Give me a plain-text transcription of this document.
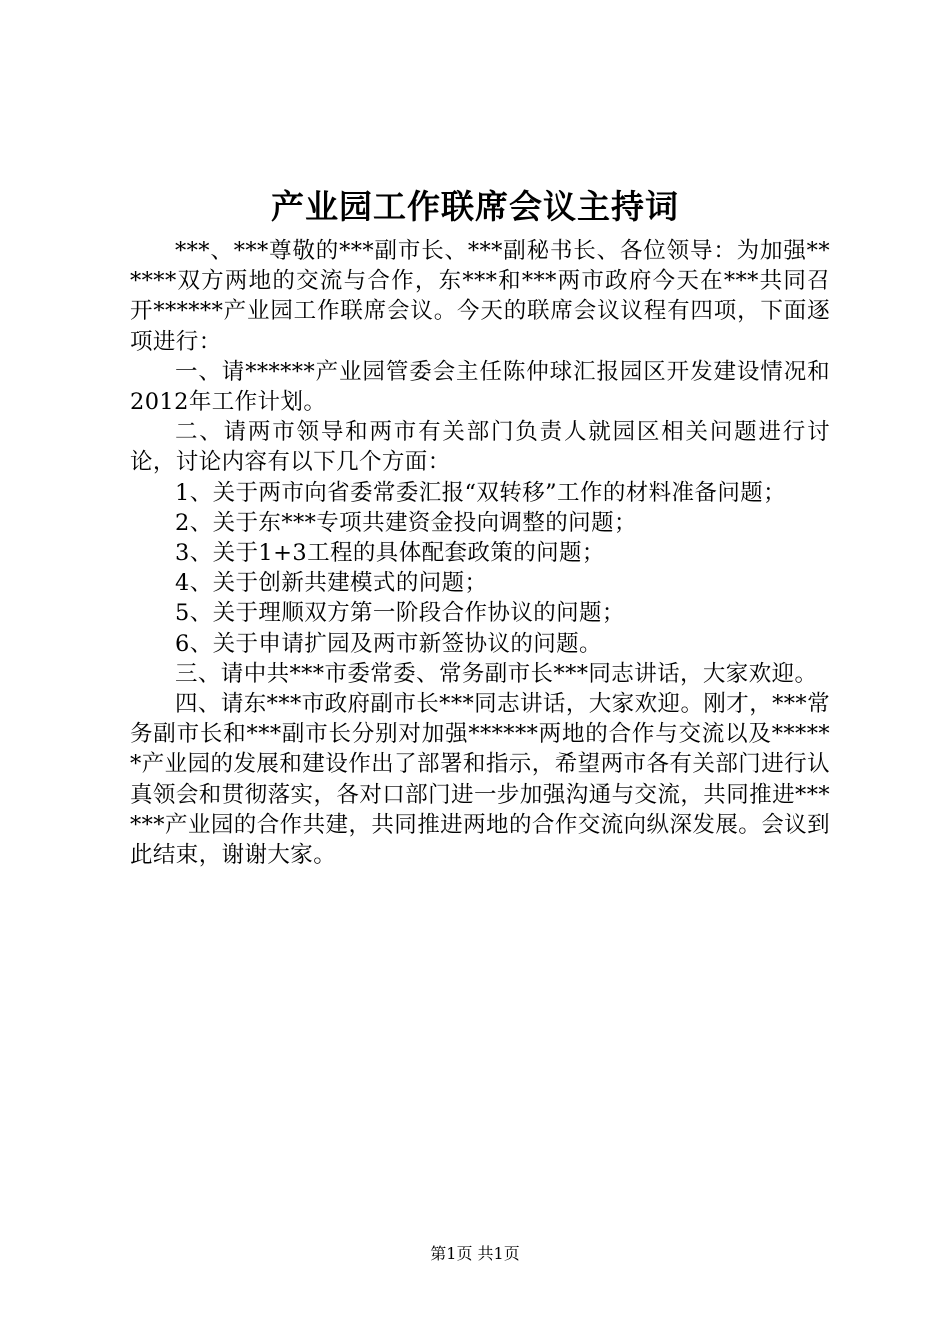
产业园工作联席会议主持词

***、***尊敬的***副市长、***副秘书长、各位领导：为加强******双方两地的交流与合作，东***和***两市政府今天在***共同召开******产业园工作联席会议。今天的联席会议议程有四项，下面逐项进行：

一、请******产业园管委会主任陈仲球汇报园区开发建设情况和2012年工作计划。

二、请两市领导和两市有关部门负责人就园区相关问题进行讨论，讨论内容有以下几个方面：

1、关于两市向省委常委汇报“双转移”工作的材料准备问题；

2、关于东***专项共建资金投向调整的问题；

3、关于1+3工程的具体配套政策的问题；

4、关于创新共建模式的问题；

5、关于理顺双方第一阶段合作协议的问题；

6、关于申请扩园及两市新签协议的问题。

三、请中共***市委常委、常务副市长***同志讲话，大家欢迎。

四、请东***市政府副市长***同志讲话，大家欢迎。刚才，***常务副市长和***副市长分别对加强******两地的合作与交流以及******产业园的发展和建设作出了部署和指示，希望两市各有关部门进行认真领会和贯彻落实，各对口部门进一步加强沟通与交流，共同推进******产业园的合作共建，共同推进两地的合作交流向纵深发展。会议到此结束，谢谢大家。

第1页 共1页
